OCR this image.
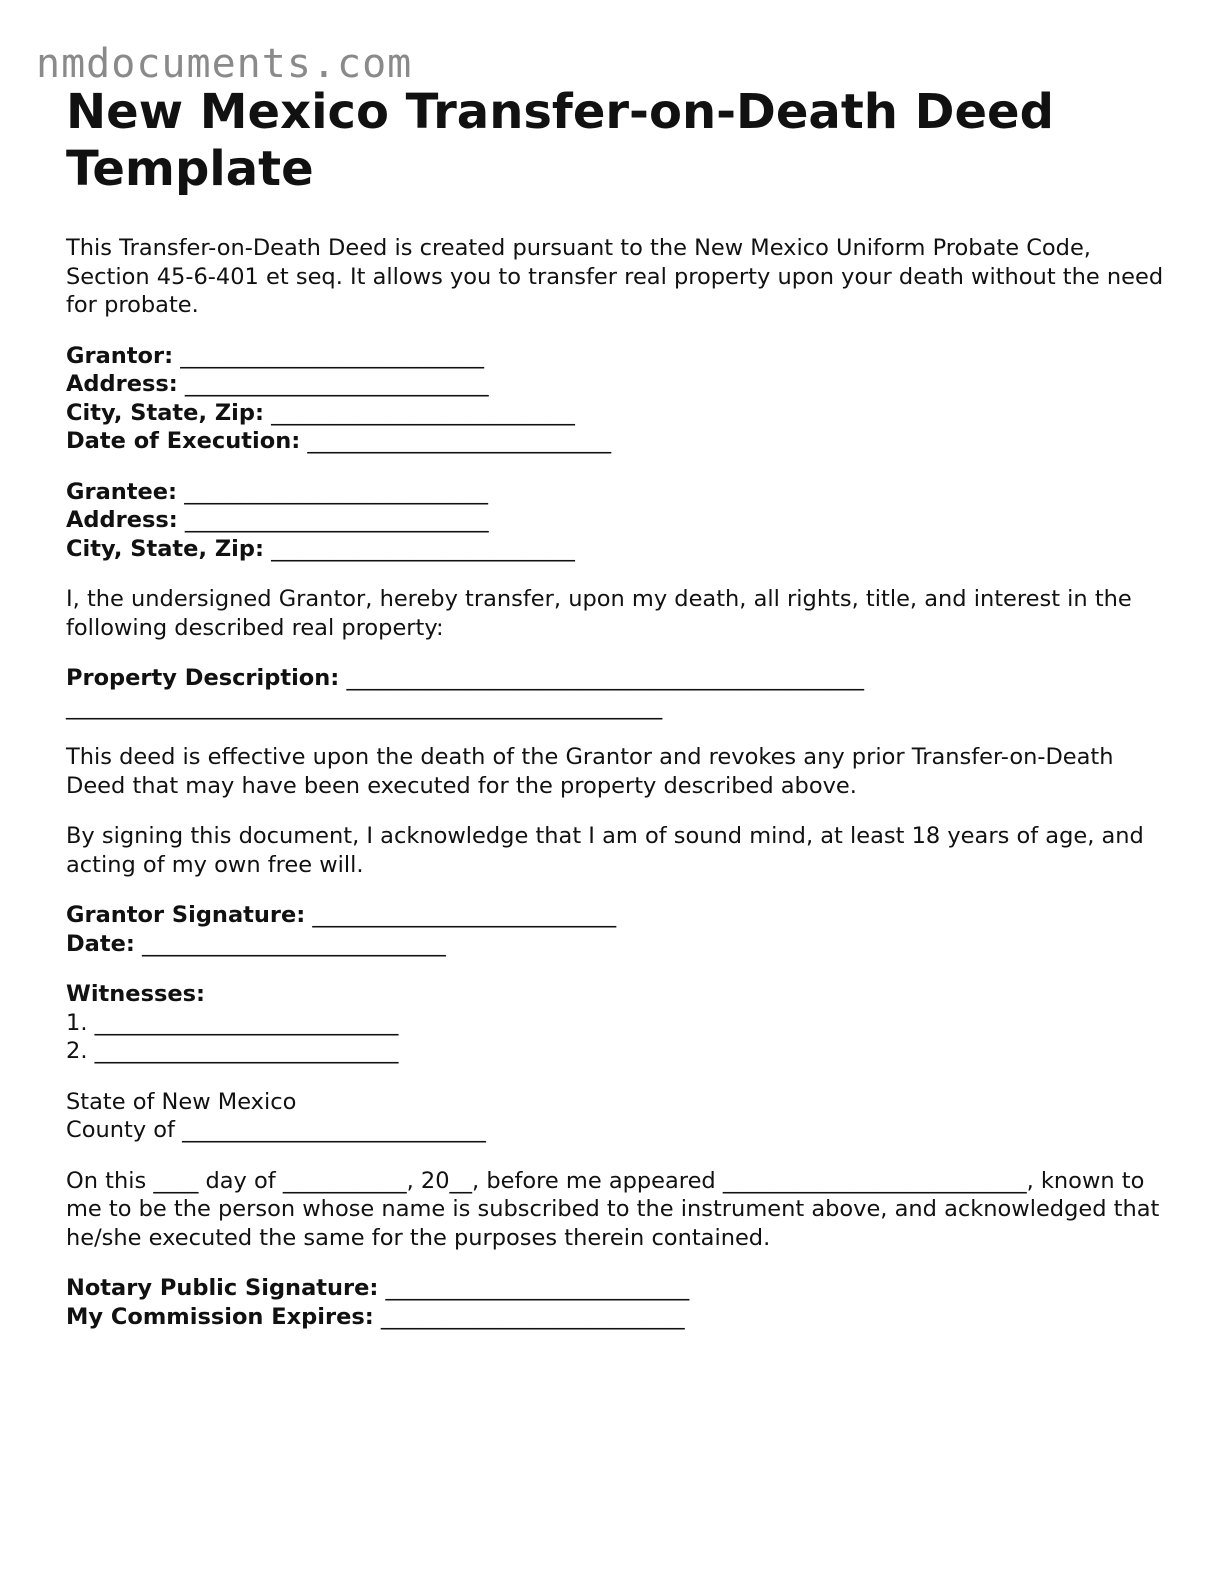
nmdocuments.com
New Mexico Transfer-on-Death Deed Template

This Transfer-on-Death Deed is created pursuant to the New Mexico Uniform Probate Code, Section 45-6-401 et seq. It allows you to transfer real property upon your death without the need for probate.

Grantor: ___________________________
Address: ___________________________
City, State, Zip: ___________________________
Date of Execution: ___________________________
Grantee: ___________________________
Address: ___________________________
City, State, Zip: ___________________________

I, the undersigned Grantor, hereby transfer, upon my death, all rights, title, and interest in the following described real property:

Property Description: ______________________________________________
_____________________________________________________

This deed is effective upon the death of the Grantor and revokes any prior Transfer-on-Death Deed that may have been executed for the property described above.

By signing this document, I acknowledge that I am of sound mind, at least 18 years of age, and acting of my own free will.

Grantor Signature: ___________________________
Date: ___________________________
Witnesses:
1. ___________________________
2. ___________________________
State of New Mexico
County of ___________________________

On this ____ day of ___________, 20__, before me appeared ___________________________, known to me to be the person whose name is subscribed to the instrument above, and acknowledged that he/she executed the same for the purposes therein contained.

Notary Public Signature: ___________________________
My Commission Expires: ___________________________
